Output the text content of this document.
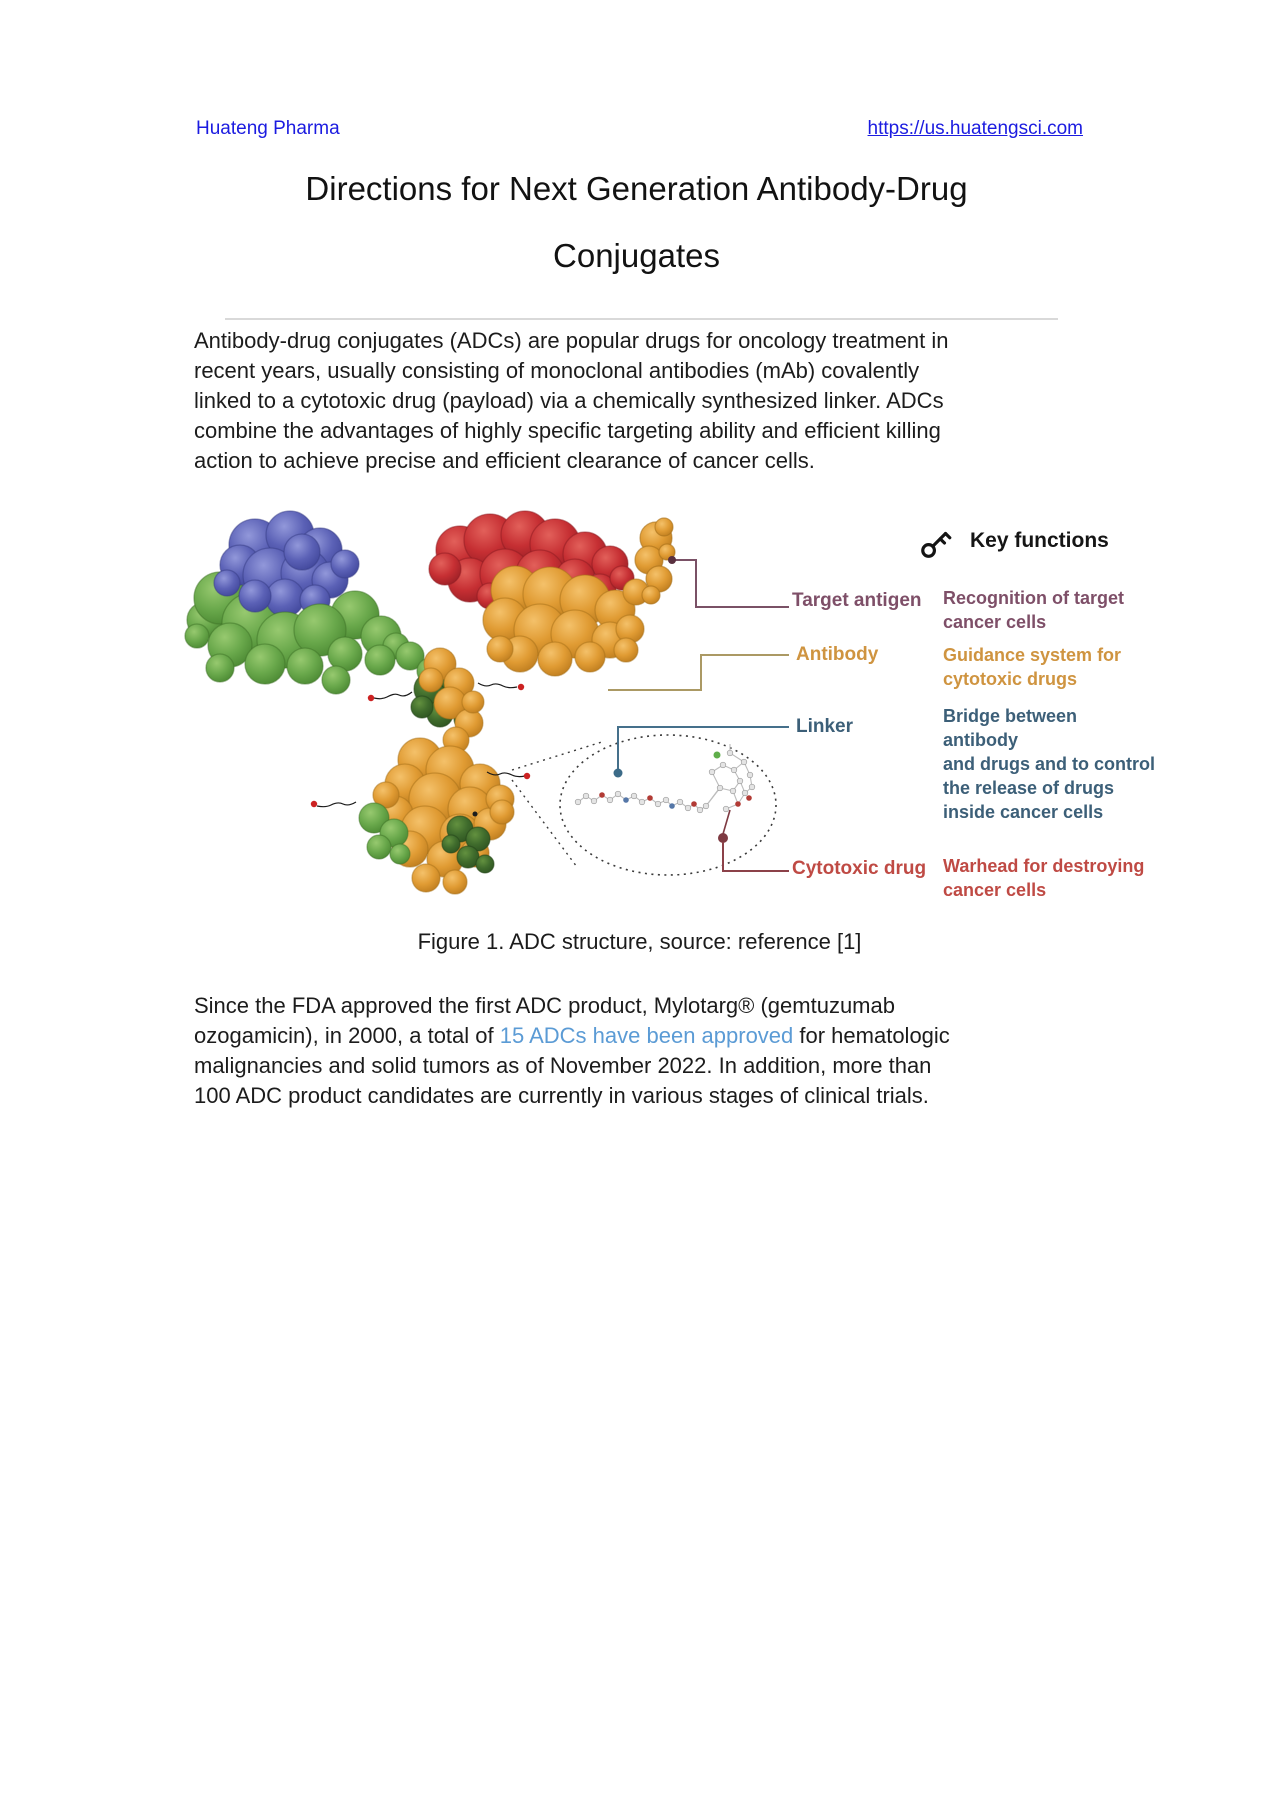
Huateng Pharma	https://us.huatengsci.com
Directions for Next Generation Antibody-Drug
Conjugates
Antibody-drug conjugates (ADCs) are popular drugs for oncology treatment in
recent years, usually consisting of monoclonal antibodies (mAb) covalently
linked to a cytotoxic drug (payload) via a chemically synthesized linker. ADCs
combine the advantages of highly specific targeting ability and efficient killing
action to achieve precise and efficient clearance of cancer cells.
Key functions
Target antigen
Antibody
Linker
Cytotoxic drug
Recognition of target
cancer cells
Guidance system for
cytotoxic drugs
Bridge between antibody
and drugs and to control
the release of drugs
inside cancer cells
Warhead for destroying
cancer cells
Figure 1. ADC structure, source: reference [1]
Since the FDA approved the first ADC product, Mylotarg® (gemtuzumab
ozogamicin), in 2000, a total of 15 ADCs have been approved for hematologic
malignancies and solid tumors as of November 2022. In addition, more than
100 ADC product candidates are currently in various stages of clinical trials.
